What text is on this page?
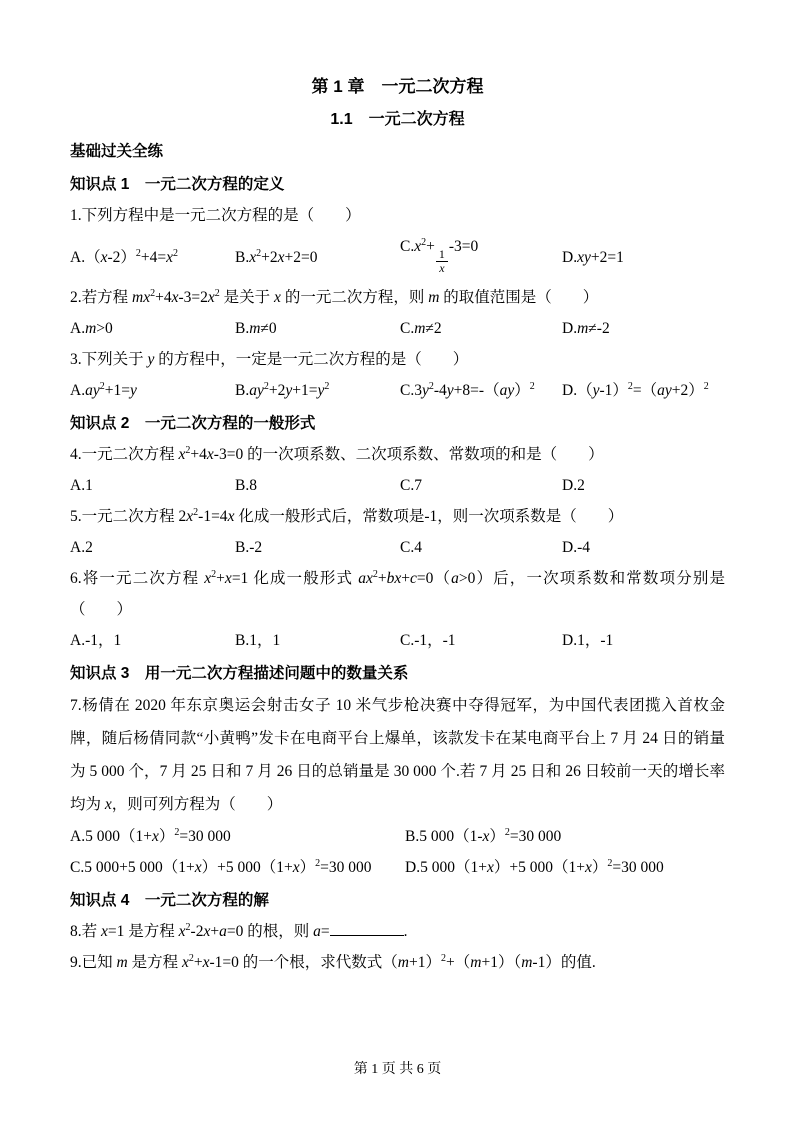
第 1 章　一元二次方程
1.1　一元二次方程
基础过关全练
知识点 1　一元二次方程的定义
1.下列方程中是一元二次方程的是（　　）
$A.(x-2)^2+4=x^2$	$B.x^2+2x+2=0$
$C.x^2+$
$\frac{1}{x}$
-3=0
D.xy+2=1
2.若方程 $mx^2+4x-3=2x^2$ 是关于 x 的一元二次方程，则 m 的取值范围是（　　）
A.m>0	B.m≠0	C.m≠2	D.m≠-2
3.下列关于 y 的方程中，一定是一元二次方程的是（　　）
$A.ay^2+1=y$	$B.ay^2+2y+1=y^2$	$C.3y^2-4y+8=-(ay)^2$	$D.(y-1)^2=(ay+2)^2$
知识点 2　一元二次方程的一般形式
4.一元二次方程 $x^2+4x-3=0$ 的一次项系数、二次项系数、常数项的和是（　　）
A.1	B.8	C.7	D.2
5.一元二次方程 $2x^2-1=4x$ 化成一般形式后，常数项是-1，则一次项系数是（　　）
A.2	B.-2	C.4	D.-4
6.将一元二次方程 $x^2+x=1$ 化成一般形式 $ax^2+bx+c=0(a>0)$后，一次项系数和常数项分别是
（　　）
A.-1，1	B.1，1	C.-1，-1	D.1，-1
知识点 3　用一元二次方程描述问题中的数量关系

7.杨倩在 2020 年东京奥运会射击女子 10 米气步枪决赛中夺得冠军，为中国代表团揽入首枚金牌，随后杨倩同款“小黄鸭”发卡在电商平台上爆单，该款发卡在某电商平台上 7 月 24 日的销量为 5 000 个，7 月 25 日和 7 月 26 日的总销量是 30 000 个.若 7 月 25 日和 26 日较前一天的增长率均为 x，则可列方程为（　　）

A.5 $000(1+x)^2=30$ 000	B.5 $000(1-x)^2=30$ 000
C.5 000+5 000（1+x）+5 $000(1+x)^2=30$ 000	D.5 000（1+x）+5 $000(1+x)^2=30$ 000
知识点 4　一元二次方程的解
8.若 x=1 是方程 $x^2-2x+a=0$ 的根，则 a=	.
9.已知 m 是方程 $x^2+x-1=0$ 的一个根，求代数式$(m+1)^2+(m+1)(m-1)$的值.
第 1 页 共 6 页
